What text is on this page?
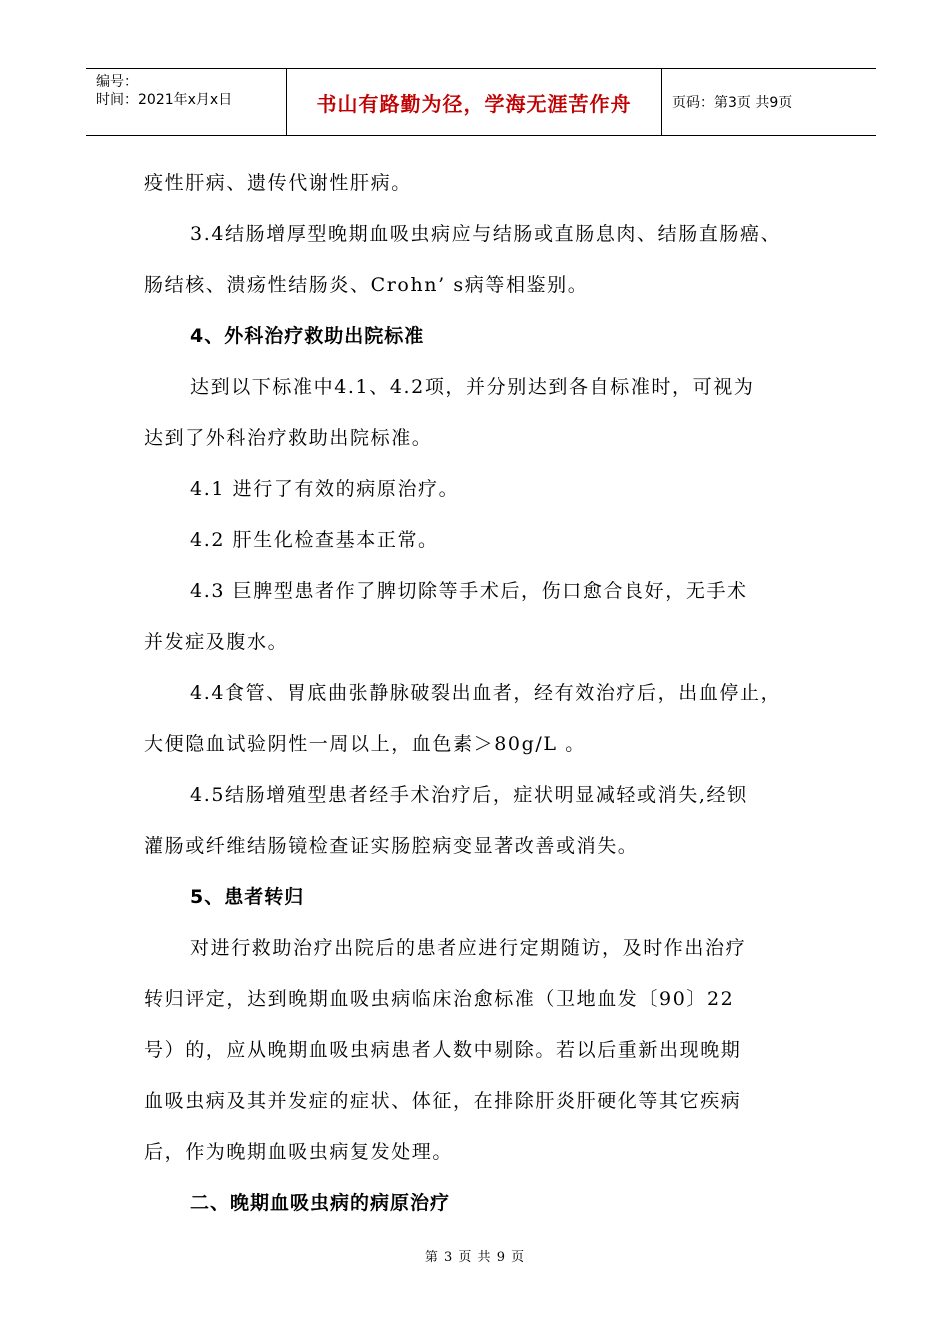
编号：
时间：2021年x月x日	书山有路勤为径，学海无涯苦作舟	页码：第3页 共9页
疫性肝病、遗传代谢性肝病。
3.4结肠增厚型晚期血吸虫病应与结肠或直肠息肉、结肠直肠癌、
肠结核、溃疡性结肠炎、Crohn’ s病等相鉴别。
4、外科治疗救助出院标准
达到以下标准中4.1、4.2项，并分别达到各自标准时，可视为
达到了外科治疗救助出院标准。
4.1 进行了有效的病原治疗。
4.2 肝生化检查基本正常。
4.3 巨脾型患者作了脾切除等手术后，伤口愈合良好，无手术
并发症及腹水。
4.4食管、胃底曲张静脉破裂出血者，经有效治疗后，出血停止，
大便隐血试验阴性一周以上，血色素＞80g/L 。
4.5结肠增殖型患者经手术治疗后，症状明显减轻或消失,经钡
灌肠或纤维结肠镜检查证实肠腔病变显著改善或消失。
5、患者转归
对进行救助治疗出院后的患者应进行定期随访，及时作出治疗
转归评定，达到晚期血吸虫病临床治愈标准（卫地血发〔90〕22
号）的，应从晚期血吸虫病患者人数中剔除。若以后重新出现晚期
血吸虫病及其并发症的症状、体征，在排除肝炎肝硬化等其它疾病
后，作为晚期血吸虫病复发处理。
二、晚期血吸虫病的病原治疗
第 3 页 共 9 页
